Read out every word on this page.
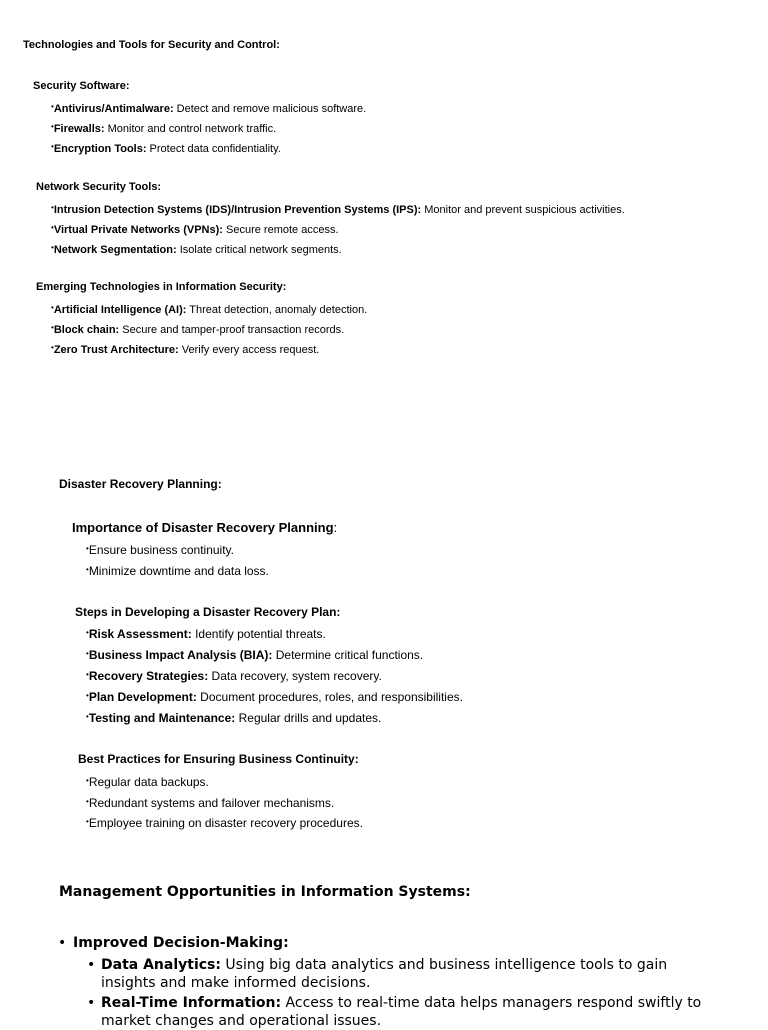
Technologies and Tools for Security and Control:
Security Software:
•Antivirus/Antimalware: Detect and remove malicious software.
•Firewalls: Monitor and control network traffic.
•Encryption Tools: Protect data confidentiality.
Network Security Tools:
•Intrusion Detection Systems (IDS)/Intrusion Prevention Systems (IPS): Monitor and prevent suspicious activities.
•Virtual Private Networks (VPNs): Secure remote access.
•Network Segmentation: Isolate critical network segments.
Emerging Technologies in Information Security:
•Artificial Intelligence (AI): Threat detection, anomaly detection.
•Block chain: Secure and tamper-proof transaction records.
•Zero Trust Architecture: Verify every access request.
Disaster Recovery Planning:
Importance of Disaster Recovery Planning:
•Ensure business continuity.
•Minimize downtime and data loss.
Steps in Developing a Disaster Recovery Plan:
•Risk Assessment: Identify potential threats.
•Business Impact Analysis (BIA): Determine critical functions.
•Recovery Strategies: Data recovery, system recovery.
•Plan Development: Document procedures, roles, and responsibilities.
•Testing and Maintenance: Regular drills and updates.
Best Practices for Ensuring Business Continuity:
•Regular data backups.
•Redundant systems and failover mechanisms.
•Employee training on disaster recovery procedures.
Management Opportunities in Information Systems:
• Improved Decision-Making:
• Data Analytics: Using big data analytics and business intelligence tools to gain insights and make informed decisions.
• Real-Time Information: Access to real-time data helps managers respond swiftly to market changes and operational issues.
